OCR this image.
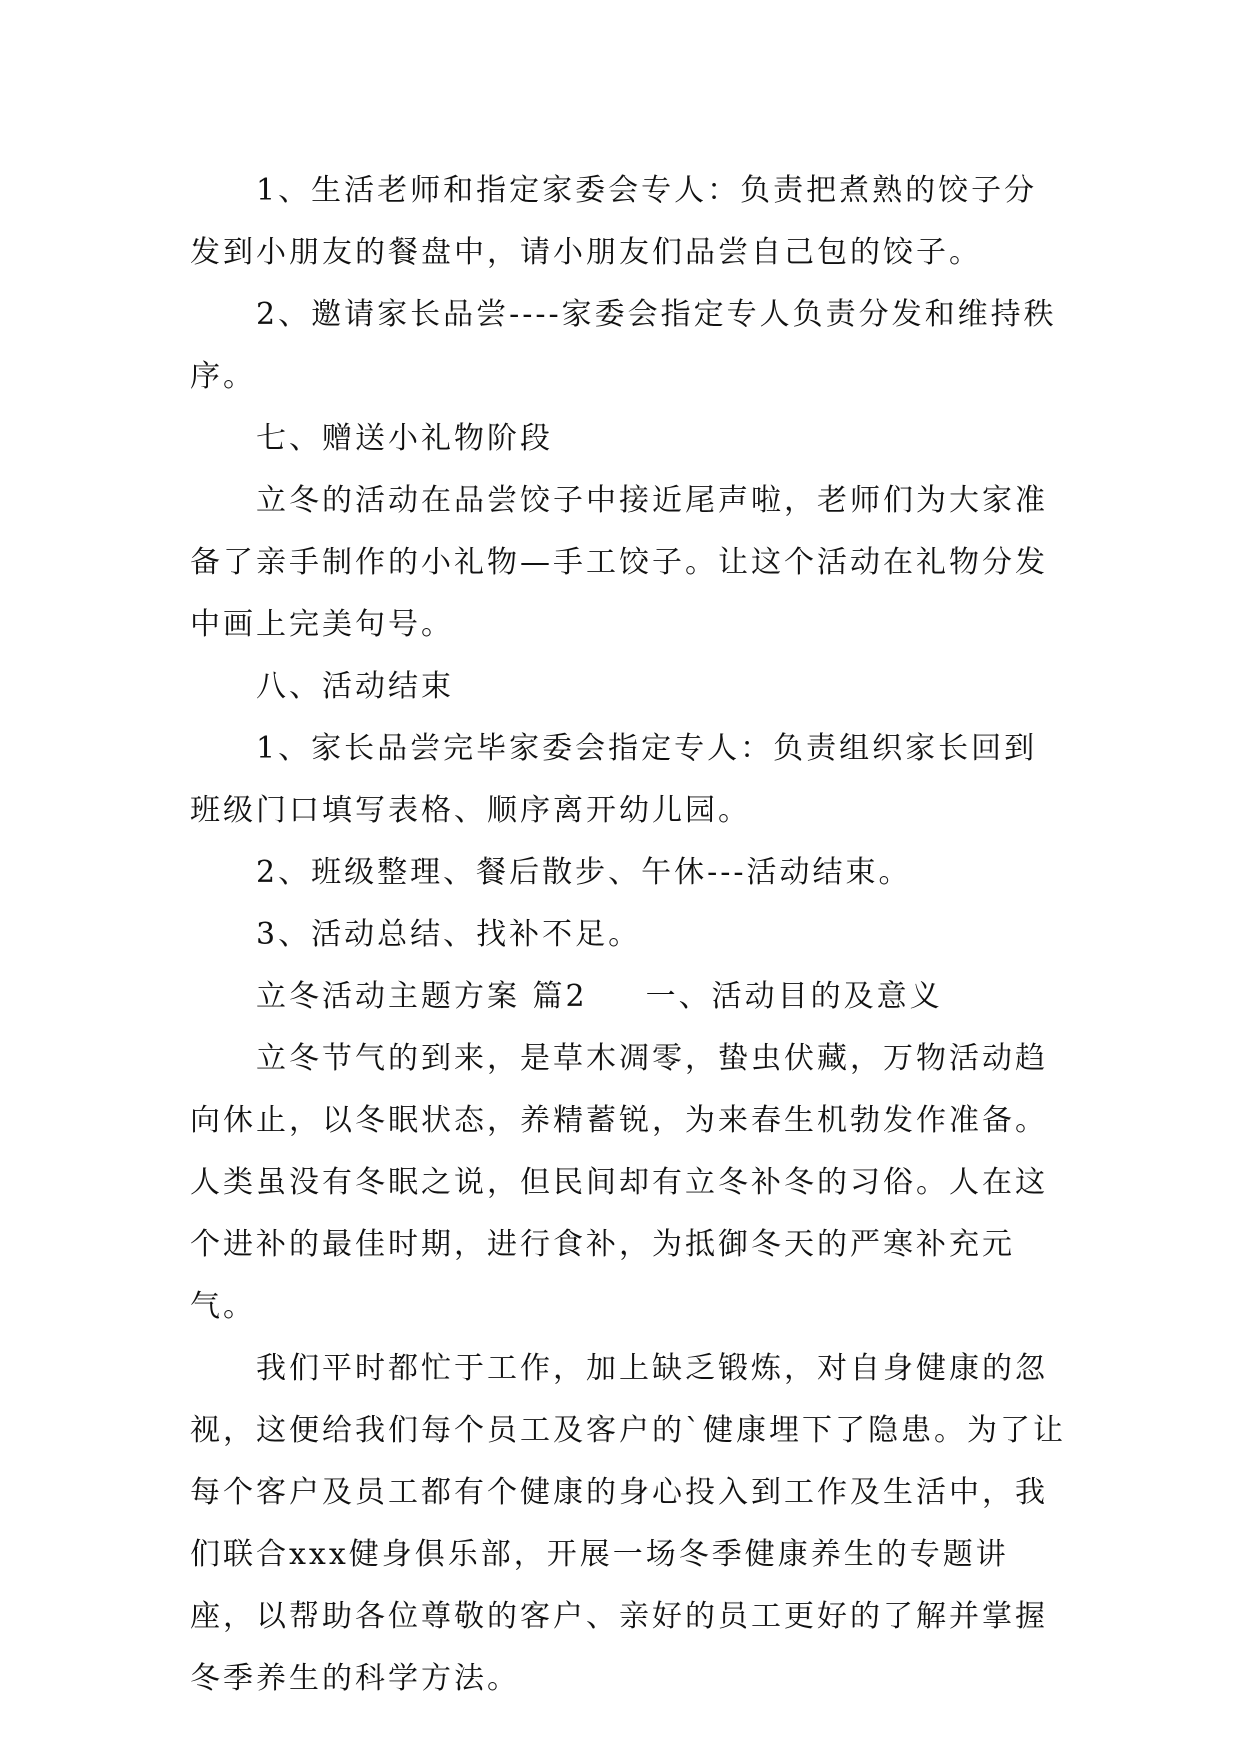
1、生活老师和指定家委会专人：负责把煮熟的饺子分发到小朋友的餐盘中，请小朋友们品尝自己包的饺子。

2、邀请家长品尝----家委会指定专人负责分发和维持秩序。

七、赠送小礼物阶段

立冬的活动在品尝饺子中接近尾声啦，老师们为大家准备了亲手制作的小礼物—手工饺子。让这个活动在礼物分发中画上完美句号。

八、活动结束

1、家长品尝完毕家委会指定专人：负责组织家长回到班级门口填写表格、顺序离开幼儿园。

2、班级整理、餐后散步、午休---活动结束。

3、活动总结、找补不足。

立冬活动主题方案 篇2 一、活动目的及意义

立冬节气的到来，是草木凋零，蛰虫伏藏，万物活动趋向休止，以冬眠状态，养精蓄锐，为来春生机勃发作准备。人类虽没有冬眠之说，但民间却有立冬补冬的习俗。人在这个进补的最佳时期，进行食补，为抵御冬天的严寒补充元气。

我们平时都忙于工作，加上缺乏锻炼，对自身健康的忽视，这便给我们每个员工及客户的`健康埋下了隐患。为了让每个客户及员工都有个健康的身心投入到工作及生活中，我们联合xxx健身俱乐部，开展一场冬季健康养生的专题讲座，以帮助各位尊敬的客户、亲好的员工更好的了解并掌握冬季养生的科学方法。
